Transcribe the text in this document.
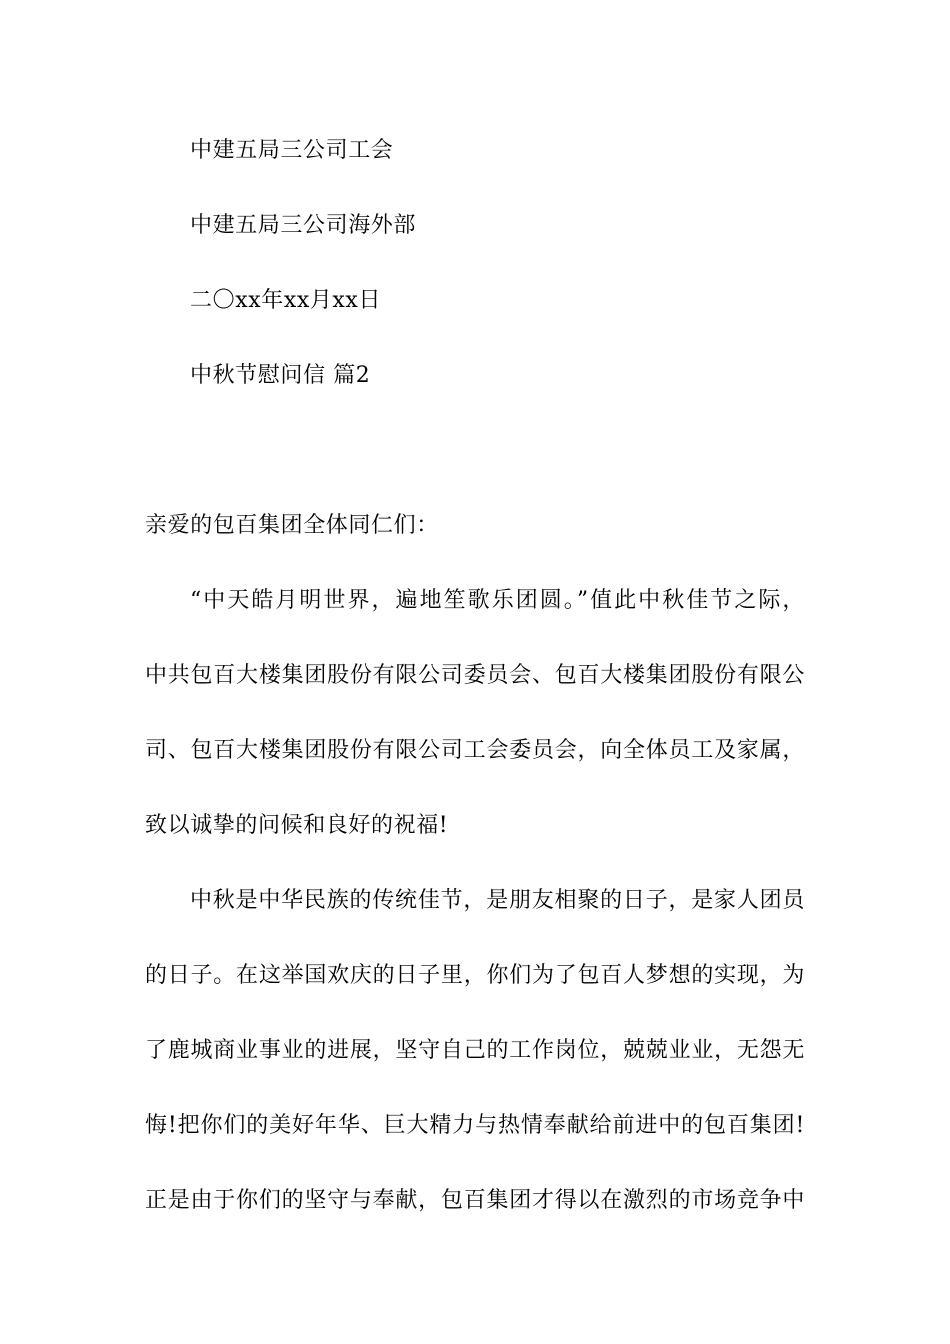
中建五局三公司工会
中建五局三公司海外部
二〇xx年xx月xx日
中秋节慰问信 篇2
亲爱的包百集团全体同仁们：
“中天皓月明世界，遍地笙歌乐团圆。”值此中秋佳节之际，
中共包百大楼集团股份有限公司委员会、包百大楼集团股份有限公
司、包百大楼集团股份有限公司工会委员会，向全体员工及家属，
致以诚挚的问候和良好的祝福!
中秋是中华民族的传统佳节，是朋友相聚的日子，是家人团员
的日子。在这举国欢庆的日子里，你们为了包百人梦想的实现，为
了鹿城商业事业的进展，坚守自己的工作岗位，兢兢业业，无怨无
悔!把你们的美好年华、巨大精力与热情奉献给前进中的包百集团!
正是由于你们的坚守与奉献，包百集团才得以在激烈的市场竞争中
